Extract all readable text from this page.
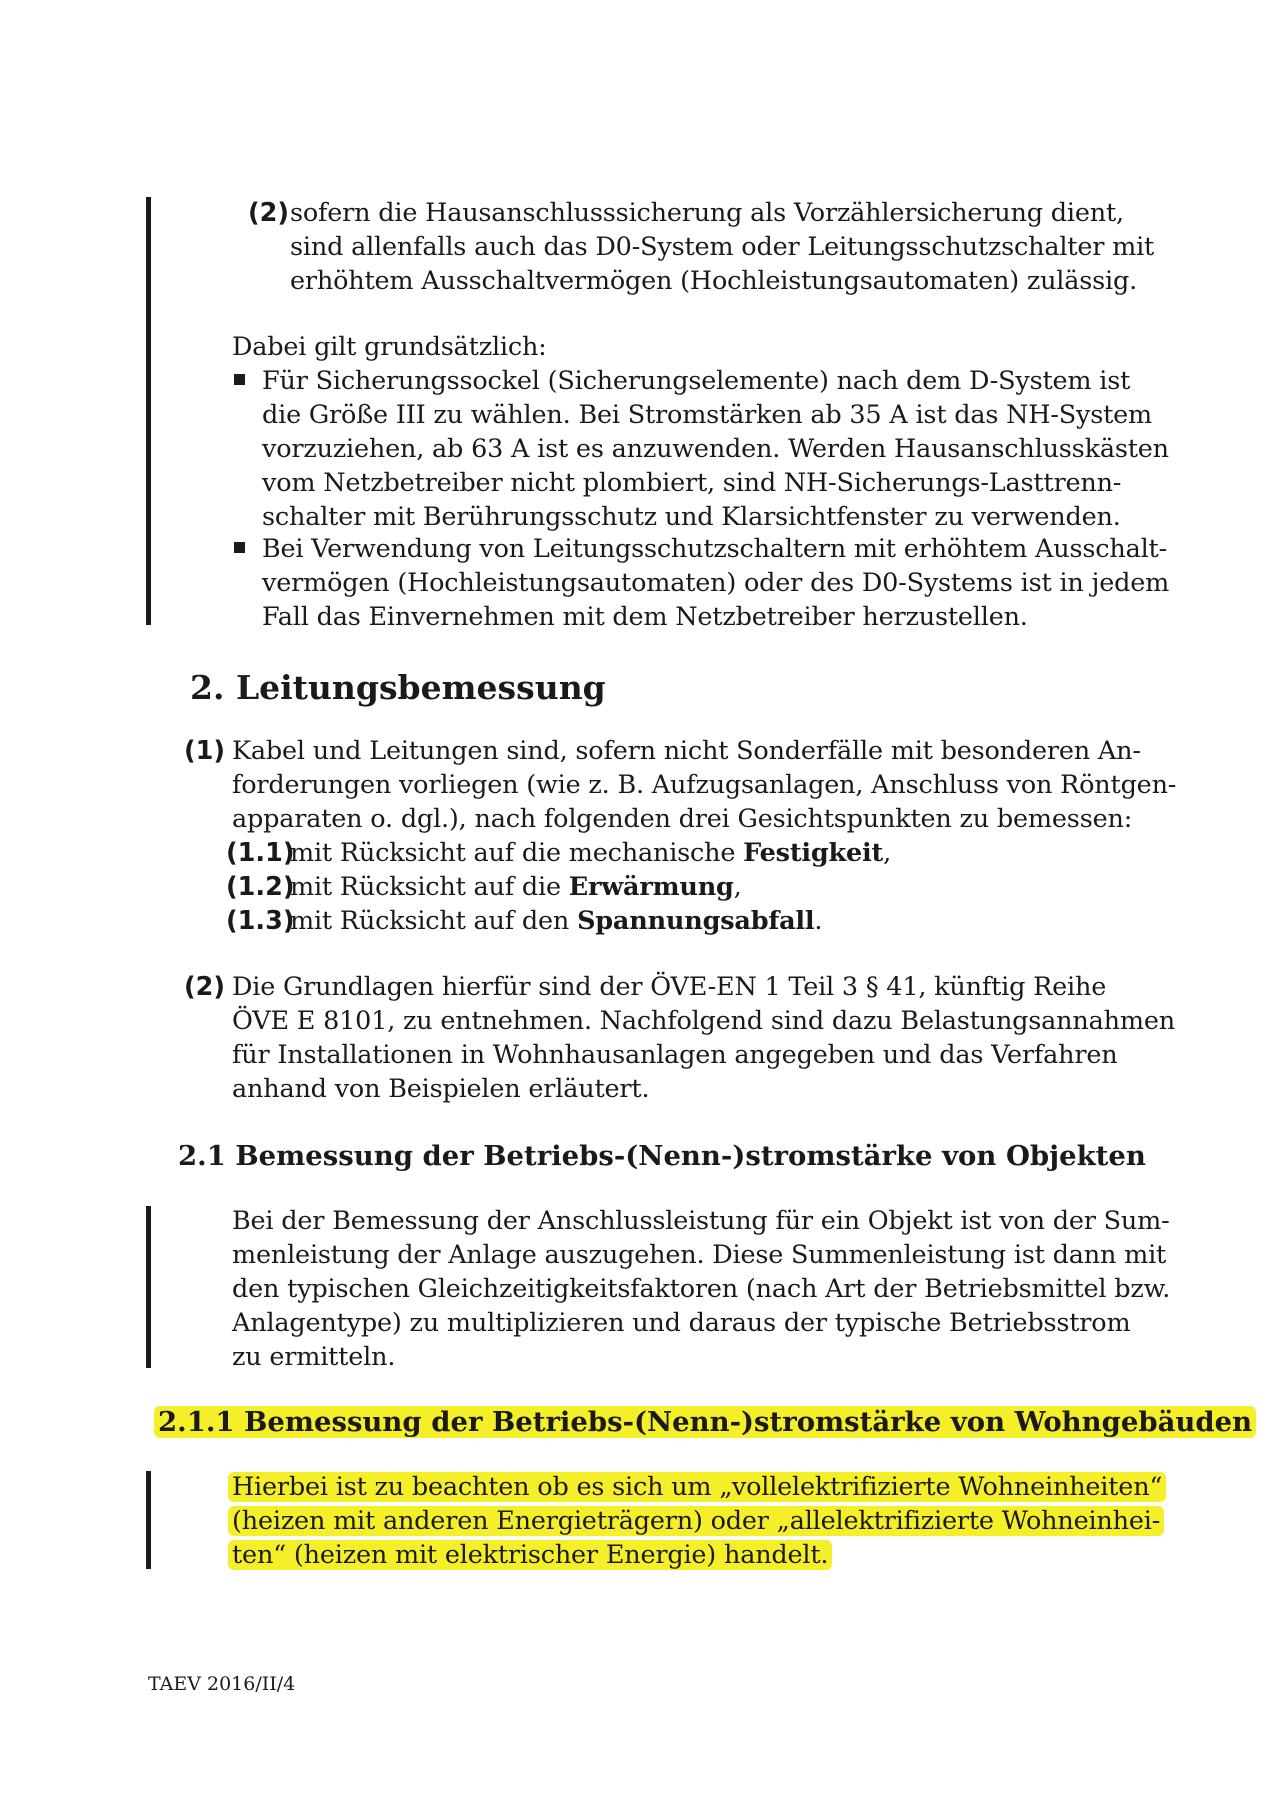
(2) sofern die Hausanschlusssicherung als Vorzählersicherung dient,
sind allenfalls auch das D0-System oder Leitungsschutzschalter mit
erhöhtem Ausschaltvermögen (Hochleistungsautomaten) zulässig.
Dabei gilt grundsätzlich:
Für Sicherungssockel (Sicherungselemente) nach dem D-System ist
die Größe III zu wählen. Bei Stromstärken ab 35 A ist das NH-System
vorzuziehen, ab 63 A ist es anzuwenden. Werden Hausanschlusskästen
vom Netzbetreiber nicht plombiert, sind NH-Sicherungs-Lasttrenn-
schalter mit Berührungsschutz und Klarsichtfenster zu verwenden.
Bei Verwendung von Leitungsschutzschaltern mit erhöhtem Ausschalt-
vermögen (Hochleistungsautomaten) oder des D0-Systems ist in jedem
Fall das Einvernehmen mit dem Netzbetreiber herzustellen.
2. Leitungsbemessung
(1) Kabel und Leitungen sind, sofern nicht Sonderfälle mit besonderen An-
forderungen vorliegen (wie z. B. Aufzugsanlagen, Anschluss von Röntgen-
apparaten o. dgl.), nach folgenden drei Gesichtspunkten zu bemessen:
(1.1)
mit Rücksicht auf die mechanische Festigkeit,
(1.2)
mit Rücksicht auf die Erwärmung,
(1.3)
mit Rücksicht auf den Spannungsabfall.
(2) Die Grundlagen hierfür sind der ÖVE-EN 1 Teil 3 § 41, künftig Reihe
ÖVE E 8101, zu entnehmen. Nachfolgend sind dazu Belastungsannahmen
für Installationen in Wohnhausanlagen angegeben und das Verfahren
anhand von Beispielen erläutert.
2.1 Bemessung der Betriebs-(Nenn-)stromstärke von Objekten
Bei der Bemessung der Anschlussleistung für ein Objekt ist von der Sum-
menleistung der Anlage auszugehen. Diese Summenleistung ist dann mit
den typischen Gleichzeitigkeitsfaktoren (nach Art der Betriebsmittel bzw.
Anlagentype) zu multiplizieren und daraus der typische Betriebsstrom
zu ermitteln.
2.1.1 Bemessung der Betriebs-(Nenn-)stromstärke von Wohngebäuden
Hierbei ist zu beachten ob es sich um „vollelektrifizierte Wohneinheiten“
(heizen mit anderen Energieträgern) oder „allelektrifizierte Wohneinhei-
ten“ (heizen mit elektrischer Energie) handelt.
TAEV 2016/II/4
